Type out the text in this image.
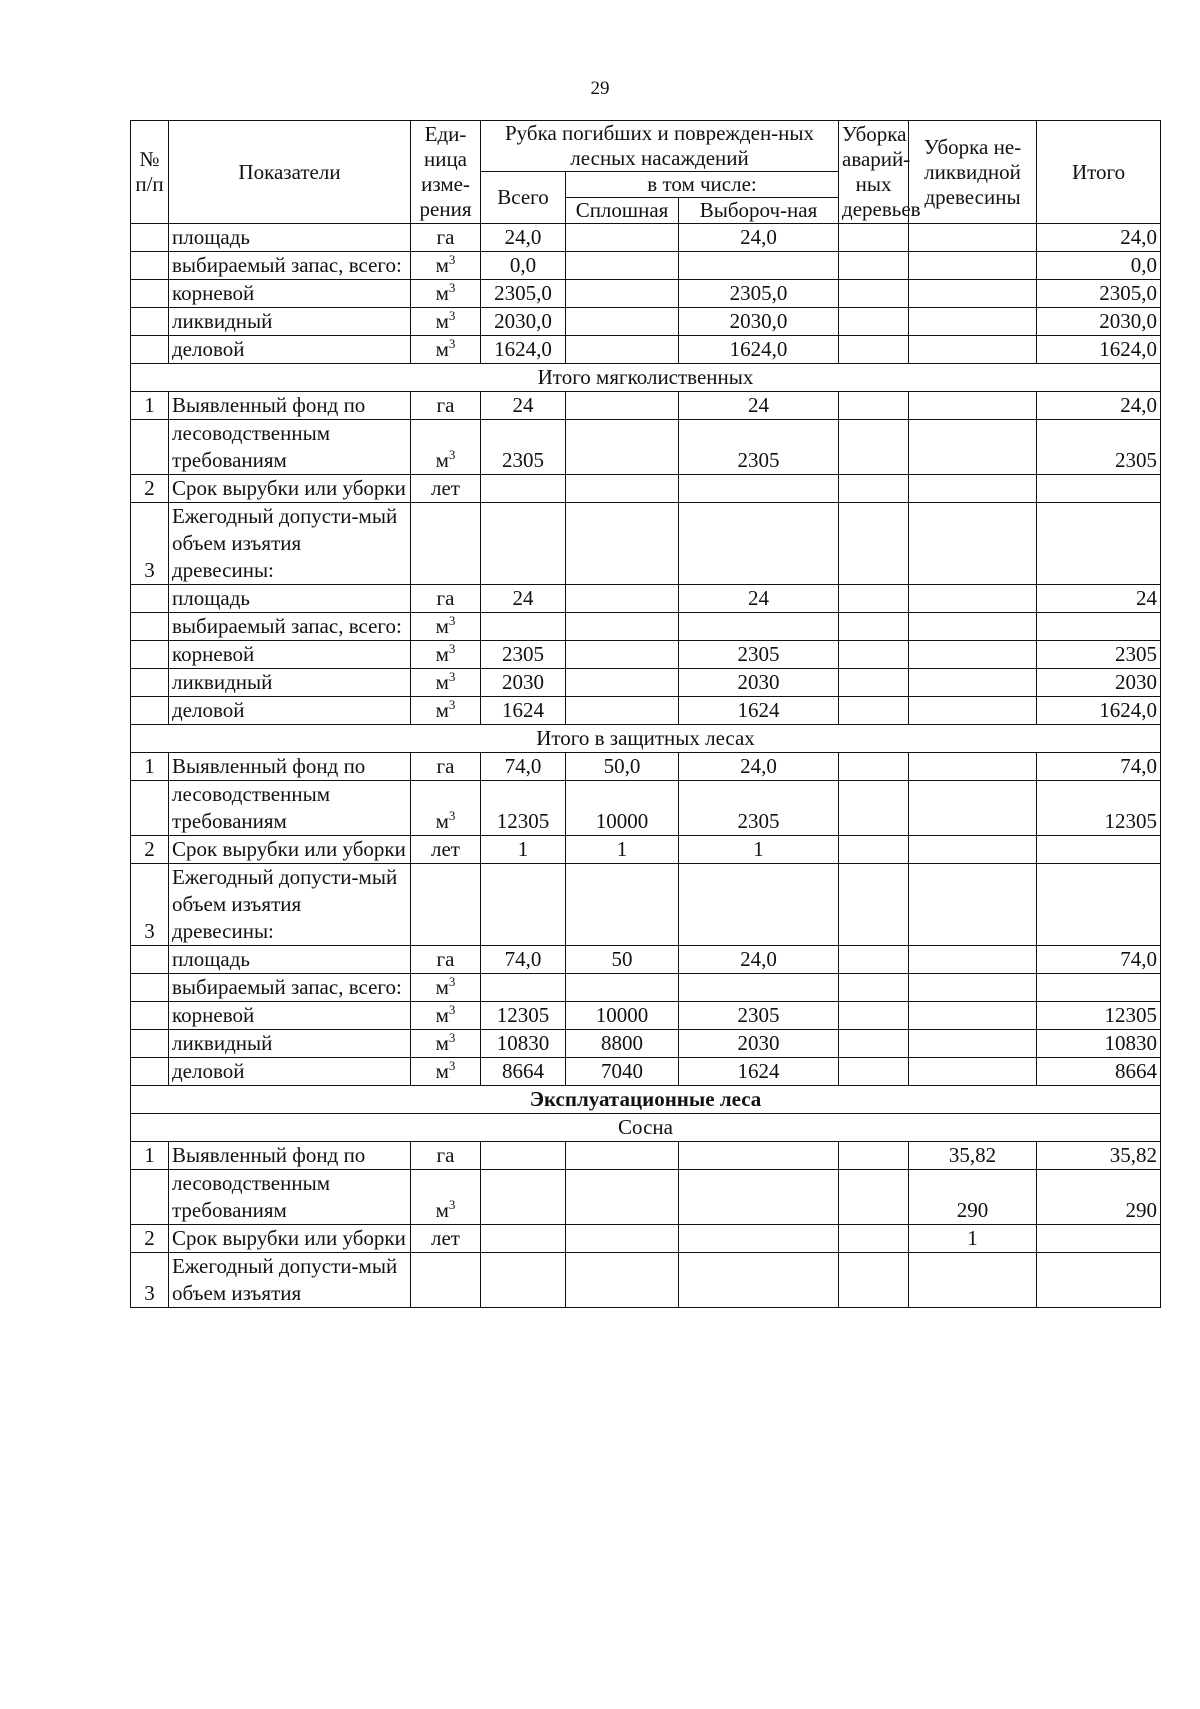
29
№ п/п	Показатели	Еди-ница изме-рения	Рубка погибших и поврежден-ных лесных насаждений			Уборка аварий-ных деревьев	Уборка не-ликвидной древесины	Итого
			Всего	в том числе:				
				Сплошная	Выбороч-ная			
	площадь	га	24,0		24,0			24,0
	выбираемый запас, всего:	$м^3$	0,0					0,0
	корневой	$м^3$	2305,0		2305,0			2305,0
	ликвидный	$м^3$	2030,0		2030,0			2030,0
	деловой	$м^3$	1624,0		1624,0			1624,0
Итого мягколиственных								
1	Выявленный фонд по	га	24		24			24,0
	лесоводственным требованиям	$м^3$	2305		2305			2305
2	Срок вырубки или уборки	лет						
3	Ежегодный допусти-мый объем изъятия древесины:							
	площадь	га	24		24			24
	выбираемый запас, всего:	$м^3$						
	корневой	$м^3$	2305		2305			2305
	ликвидный	$м^3$	2030		2030			2030
	деловой	$м^3$	1624		1624			1624,0
Итого в защитных лесах								
1	Выявленный фонд по	га	74,0	50,0	24,0			74,0
	лесоводственным требованиям	$м^3$	12305	10000	2305			12305
2	Срок вырубки или уборки	лет	1	1	1			
3	Ежегодный допусти-мый объем изъятия древесины:							
	площадь	га	74,0	50	24,0			74,0
	выбираемый запас, всего:	$м^3$						
	корневой	$м^3$	12305	10000	2305			12305
	ликвидный	$м^3$	10830	8800	2030			10830
	деловой	$м^3$	8664	7040	1624			8664
Эксплуатационные леса								
Сосна								
1	Выявленный фонд по	га					35,82	35,82
	лесоводственным требованиям	$м^3$					290	290
2	Срок вырубки или уборки	лет					1	
3	Ежегодный допусти-мый объем изъятия							
